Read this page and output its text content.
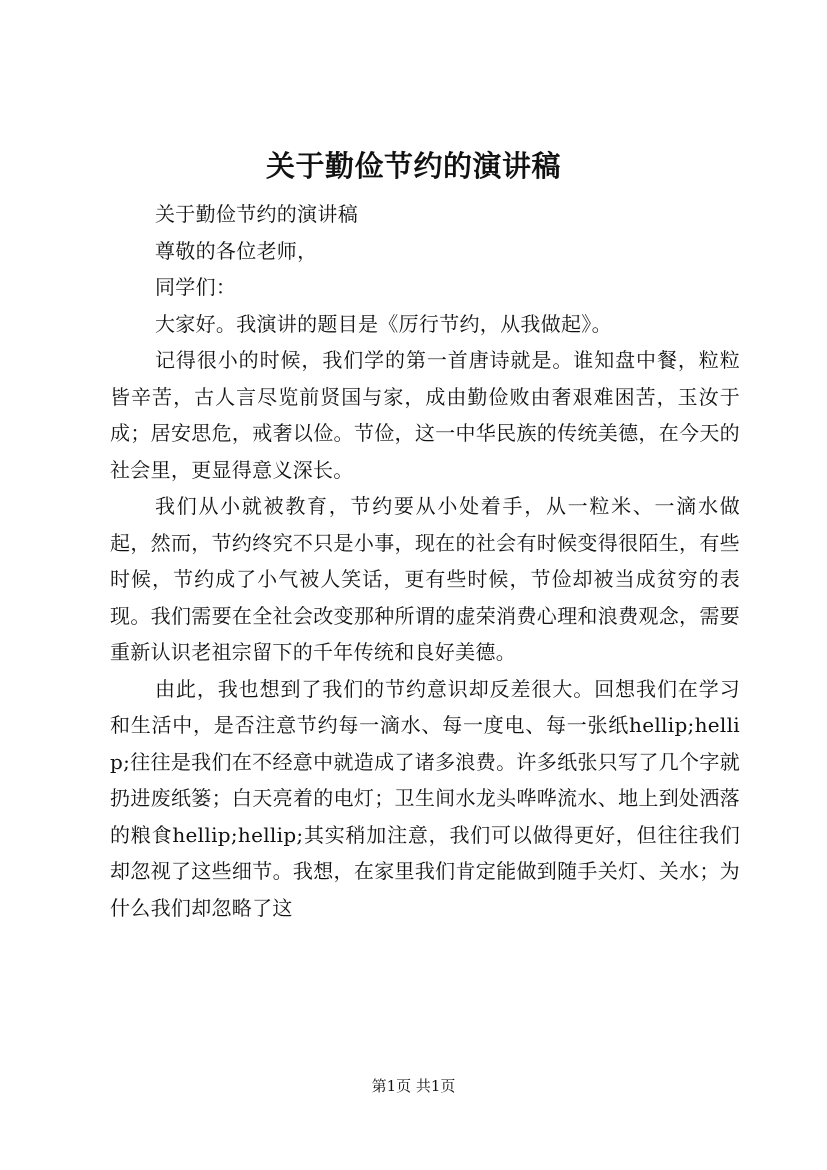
关于勤俭节约的演讲稿

关于勤俭节约的演讲稿

尊敬的各位老师，

同学们：

大家好。我演讲的题目是《厉行节约，从我做起》。

记得很小的时候，我们学的第一首唐诗就是。谁知盘中餐，粒粒皆辛苦，古人言尽览前贤国与家，成由勤俭败由奢艰难困苦，玉汝于成；居安思危，戒奢以俭。节俭，这一中华民族的传统美德，在今天的社会里，更显得意义深长。

我们从小就被教育，节约要从小处着手，从一粒米、一滴水做起，然而，节约终究不只是小事，现在的社会有时候变得很陌生，有些时候，节约成了小气被人笑话，更有些时候，节俭却被当成贫穷的表现。我们需要在全社会改变那种所谓的虚荣消费心理和浪费观念，需要重新认识老祖宗留下的千年传统和良好美德。

由此，我也想到了我们的节约意识却反差很大。回想我们在学习和生活中，是否注意节约每一滴水、每一度电、每一张纸hellip;hellip;往往是我们在不经意中就造成了诸多浪费。许多纸张只写了几个字就扔进废纸篓；白天亮着的电灯；卫生间水龙头哗哗流水、地上到处洒落的粮食hellip;hellip;其实稍加注意，我们可以做得更好，但往往我们却忽视了这些细节。我想，在家里我们肯定能做到随手关灯、关水；为什么我们却忽略了这

第1页 共1页
